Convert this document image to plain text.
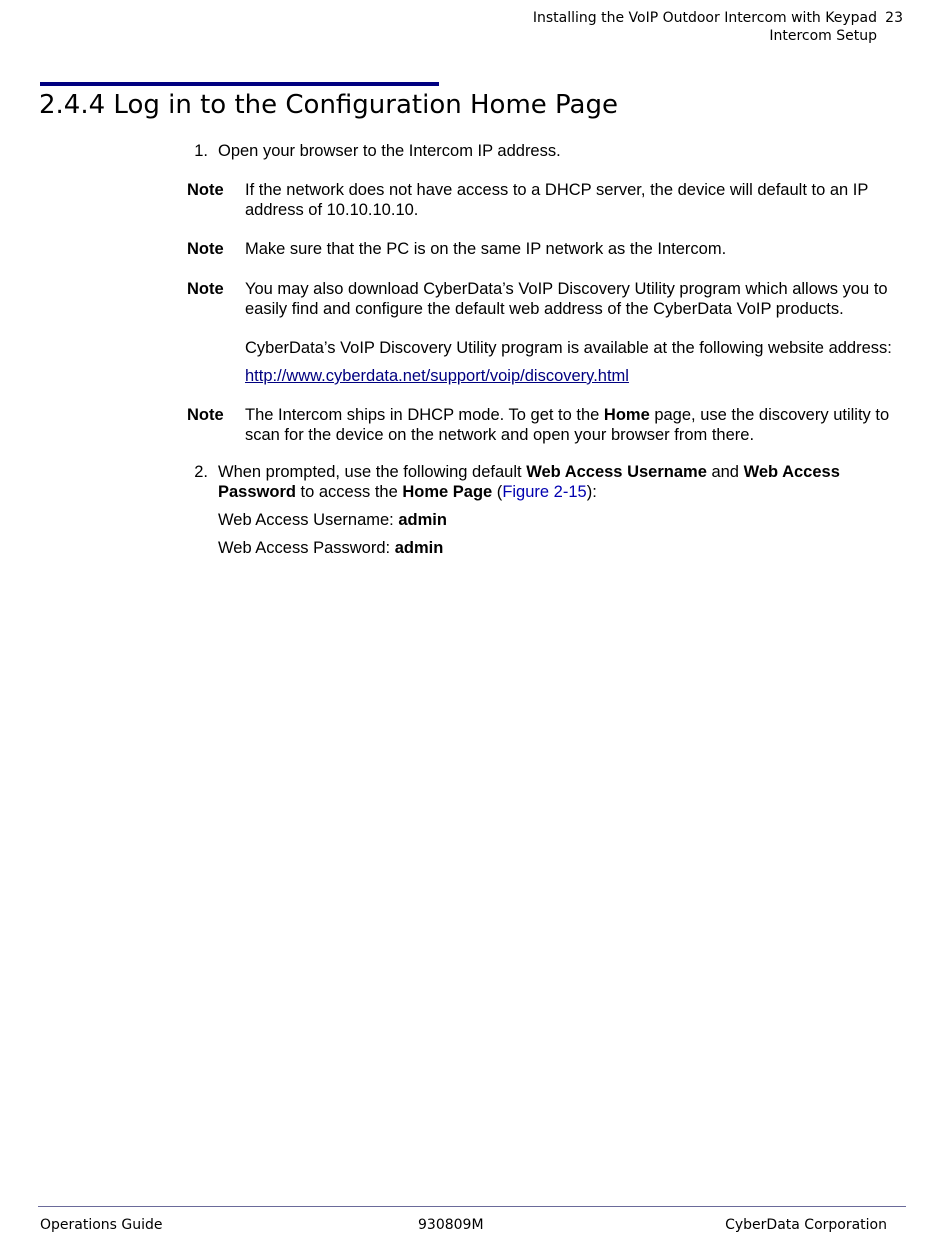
Installing the VoIP Outdoor Intercom with Keypad 23
Intercom Setup
2.4.4 Log in to the Configuration Home Page
1. Open your browser to the Intercom IP address.
Note If the network does not have access to a DHCP server, the device will default to an IP address of 10.10.10.10.
Note Make sure that the PC is on the same IP network as the Intercom.
Note You may also download CyberData’s VoIP Discovery Utility program which allows you to easily find and configure the default web address of the CyberData VoIP products.
CyberData’s VoIP Discovery Utility program is available at the following website address:
http://www.cyberdata.net/support/voip/discovery.html
Note The Intercom ships in DHCP mode. To get to the Home page, use the discovery utility to scan for the device on the network and open your browser from there.
2. When prompted, use the following default Web Access Username and Web Access Password to access the Home Page (Figure 2-15):
Web Access Username: admin
Web Access Password: admin
Operations Guide	930809M	CyberData Corporation
